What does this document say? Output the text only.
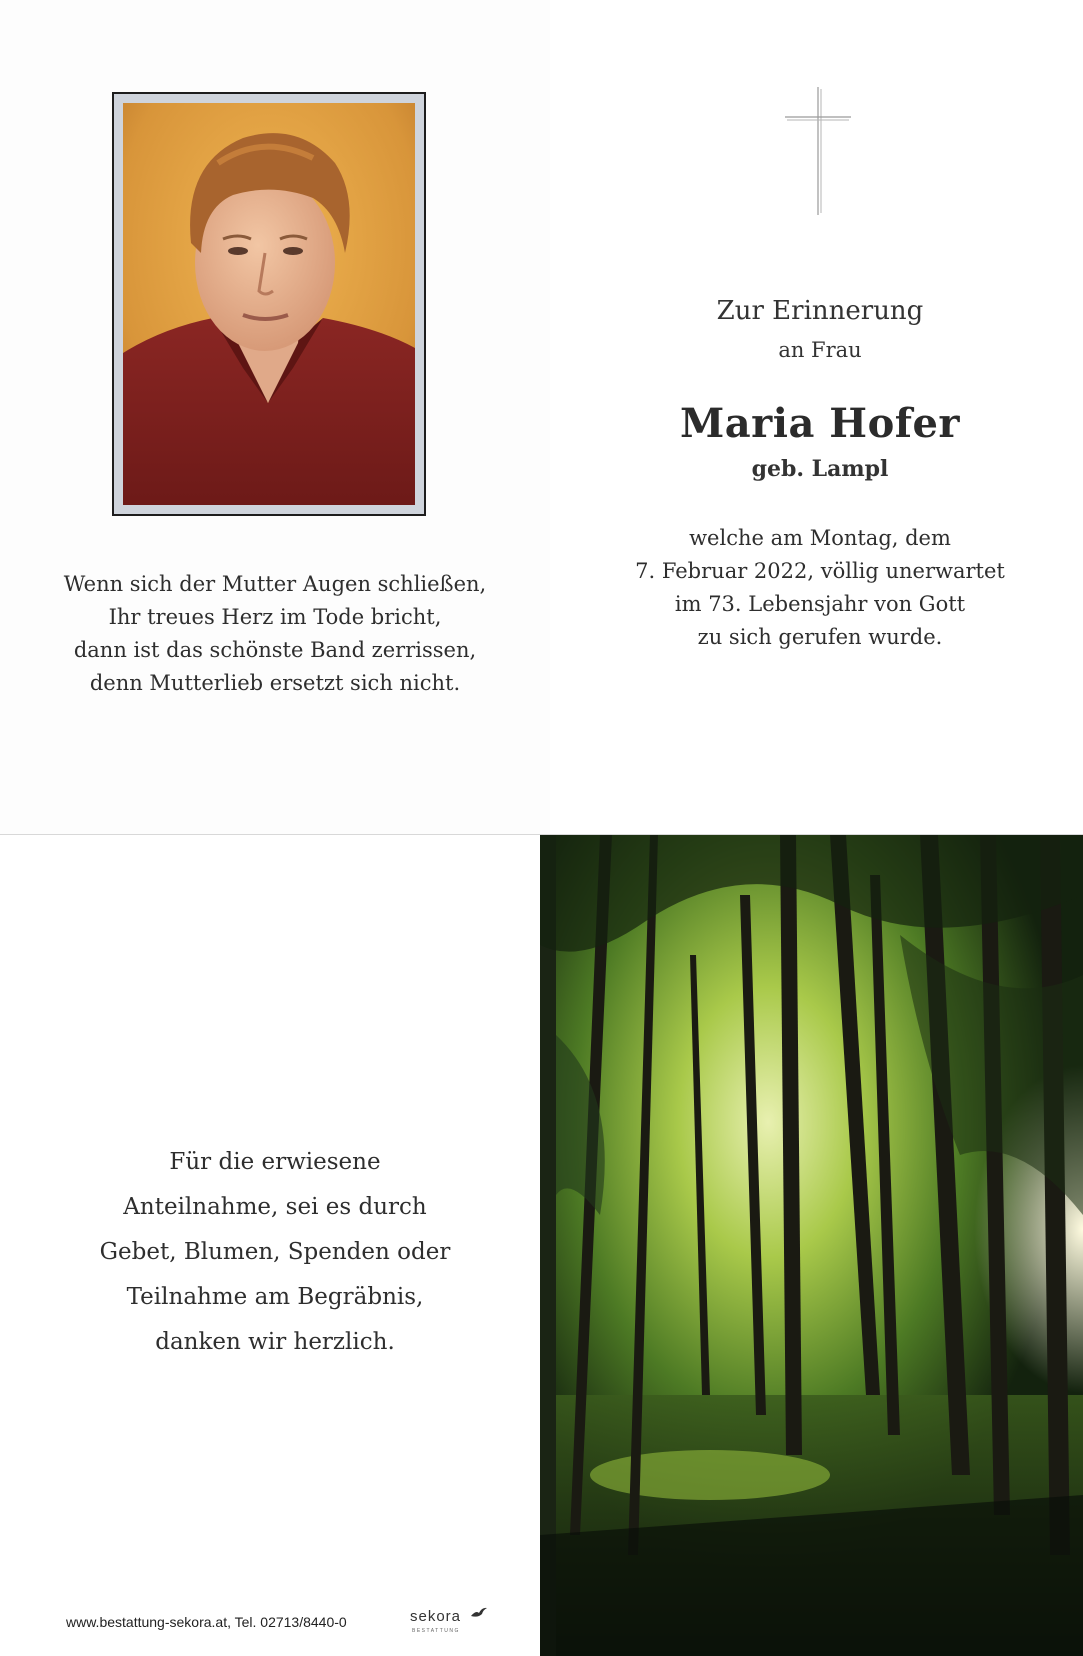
Wenn sich der Mutter Augen schließen,
Ihr treues Herz im Tode bricht,
dann ist das schönste Band zerrissen,
denn Mutterlieb ersetzt sich nicht.
Zur Erinnerung
an Frau
Maria Hofer
geb. Lampl
welche am Montag, dem
7. Februar 2022, völlig unerwartet
im 73. Lebensjahr von Gott
zu sich gerufen wurde.
Für die erwiesene
Anteilnahme, sei es durch
Gebet, Blumen, Spenden oder
Teilnahme am Begräbnis,
danken wir herzlich.
www.bestattung-sekora.at, Tel. 02713/8440-0	sekora
BESTATTUNG
